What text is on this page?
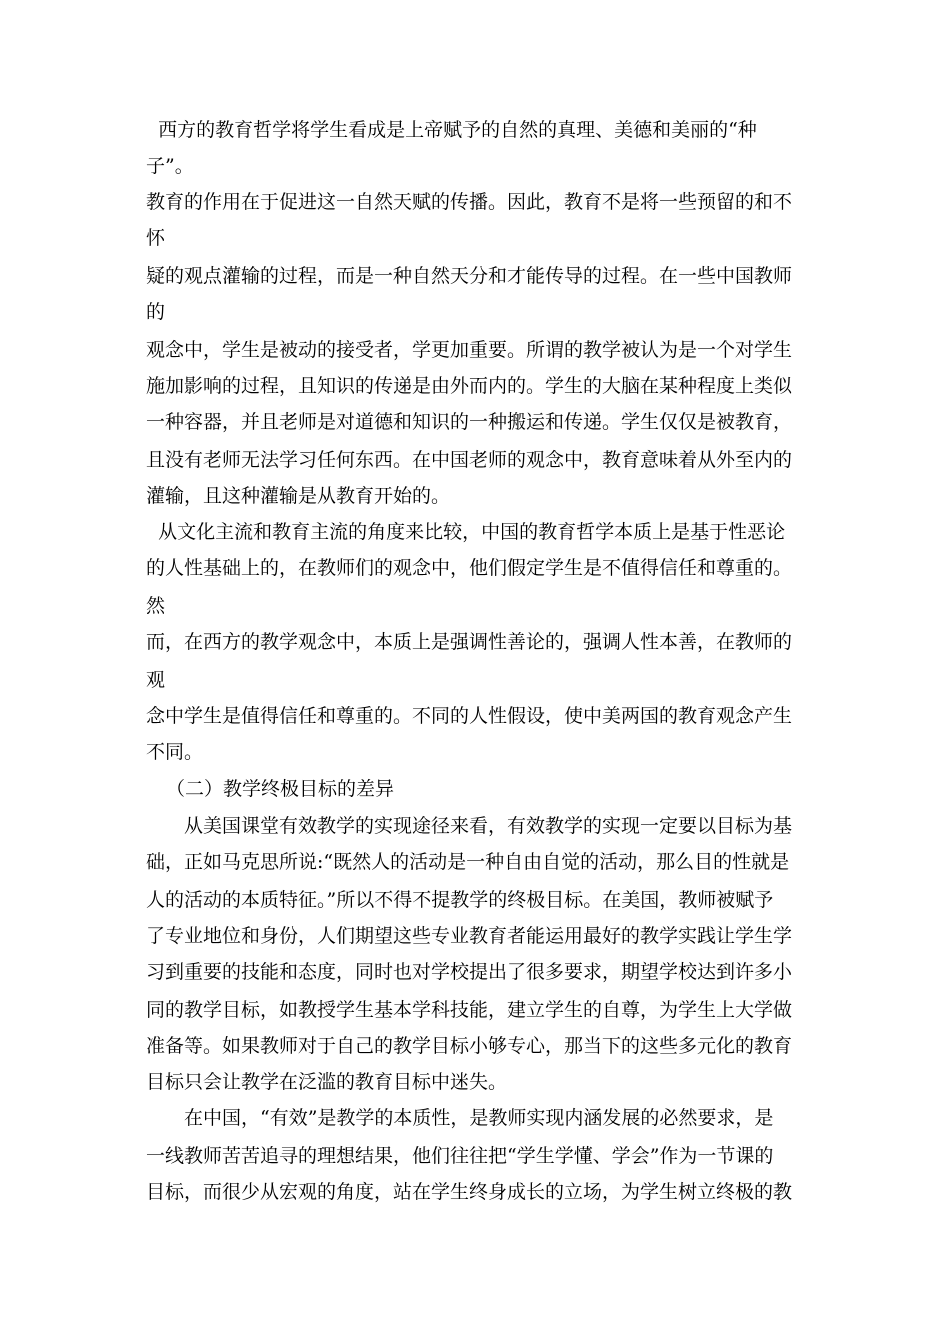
西方的教育哲学将学生看成是上帝赋予的自然的真理、美德和美丽的“种
子”。
教育的作用在于促进这一自然天赋的传播。因此，教育不是将一些预留的和不
怀
疑的观点灌输的过程，而是一种自然天分和才能传导的过程。在一些中国教师
的
观念中，学生是被动的接受者，学更加重要。所谓的教学被认为是一个对学生
施加影响的过程，且知识的传递是由外而内的。学生的大脑在某种程度上类似
一种容器，并且老师是对道德和知识的一种搬运和传递。学生仅仅是被教育，
且没有老师无法学习任何东西。在中国老师的观念中，教育意味着从外至内的
灌输，且这种灌输是从教育开始的。
从文化主流和教育主流的角度来比较，中国的教育哲学本质上是基于性恶论
的人性基础上的，在教师们的观念中，他们假定学生是不值得信任和尊重的。
然
而，在西方的教学观念中，本质上是强调性善论的，强调人性本善，在教师的
观
念中学生是值得信任和尊重的。不同的人性假设，使中美两国的教育观念产生
不同。
（二）教学终极目标的差异
从美国课堂有效教学的实现途径来看，有效教学的实现一定要以目标为基
础，正如马克思所说:“既然人的活动是一种自由自觉的活动，那么目的性就是
人的活动的本质特征。”所以不得不提教学的终极目标。在美国，教师被赋予
了专业地位和身份，人们期望这些专业教育者能运用最好的教学实践让学生学
习到重要的技能和态度，同时也对学校提出了很多要求，期望学校达到许多小
同的教学目标，如教授学生基本学科技能，建立学生的自尊，为学生上大学做
准备等。如果教师对于自己的教学目标小够专心，那当下的这些多元化的教育
目标只会让教学在泛滥的教育目标中迷失。
在中国，“有效”是教学的本质性，是教师实现内涵发展的必然要求，是
一线教师苦苦追寻的理想结果，他们往往把“学生学懂、学会”作为一节课的
目标，而很少从宏观的角度，站在学生终身成长的立场，为学生树立终极的教
